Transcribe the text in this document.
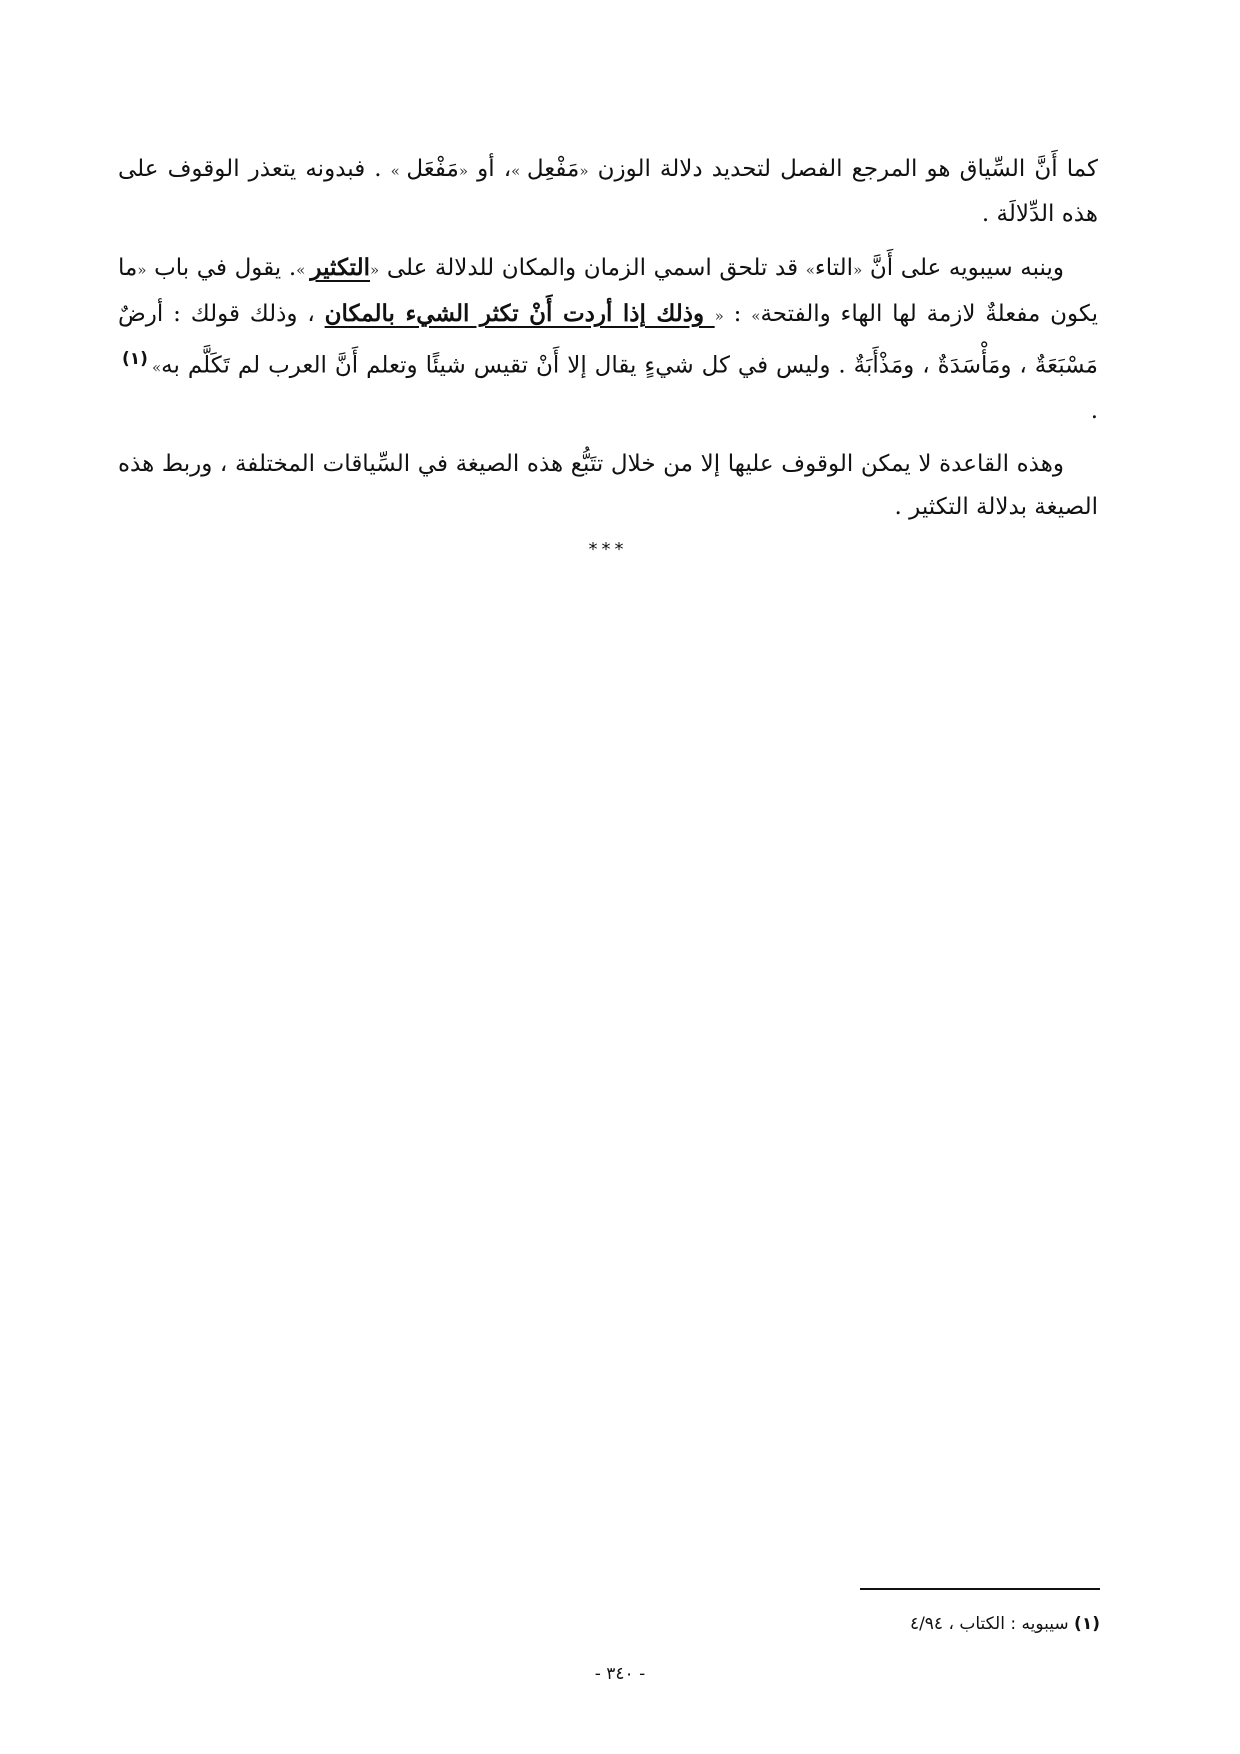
كما أَنَّ السِّياق هو المرجع الفصل لتحديد دلالة الوزن «مَفْعِل »، أو «مَفْعَل » . فبدونه يتعذر الوقوف على هذه الدِّلالَة .

وينبه سيبويه على أَنَّ «التاء» قد تلحق اسمي الزمان والمكان للدلالة على «التكثير ». يقول في باب «ما يكون مفعلةٌ لازمة لها الهاء والفتحة» : « وذلك إذا أردت أَنْ تكثر الشيء بالمكان ، وذلك قولك : أرضٌ مَسْبَعَةٌ ، ومَأْسَدَةٌ ، ومَذْأَبَةٌ . وليس في كل شيءٍ يقال إلا أَنْ تقيس شيئًا وتعلم أَنَّ العرب لم تَكَلَّم به»$^{(١)}$ .

وهذه القاعدة لا يمكن الوقوف عليها إلا من خلال تتَبُّع هذه الصيغة في السِّياقات المختلفة ، وربط هذه الصيغة بدلالة التكثير .

***
(١) سيبويه : الكتاب ، ٤/٩٤
- ٣٤٠ -
